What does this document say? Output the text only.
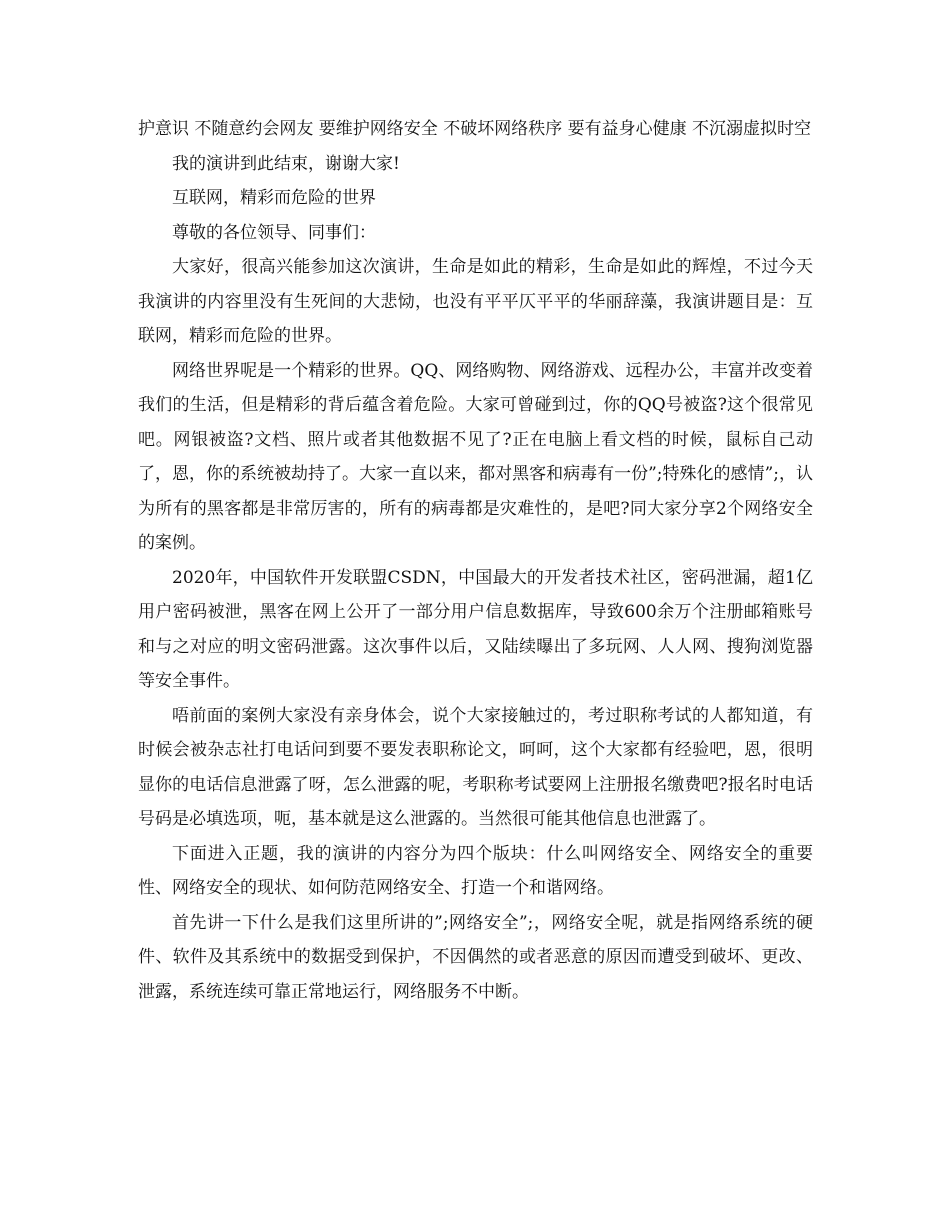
护意识 不随意约会网友 要维护网络安全 不破坏网络秩序 要有益身心健康 不沉溺虚拟时空

我的演讲到此结束，谢谢大家!

互联网，精彩而危险的世界

尊敬的各位领导、同事们：

大家好，很高兴能参加这次演讲，生命是如此的精彩，生命是如此的辉煌，不过今天我演讲的内容里没有生死间的大悲恸，也没有平平仄平平的华丽辞藻，我演讲题目是：互联网，精彩而危险的世界。

网络世界呢是一个精彩的世界。QQ、网络购物、网络游戏、远程办公，丰富并改变着我们的生活，但是精彩的背后蕴含着危险。大家可曾碰到过，你的QQ号被盗?这个很常见吧。网银被盗?文档、照片或者其他数据不见了?正在电脑上看文档的时候，鼠标自己动了，恩，你的系统被劫持了。大家一直以来，都对黑客和病毒有一份”;特殊化的感情”;，认为所有的黑客都是非常厉害的，所有的病毒都是灾难性的，是吧?同大家分享2个网络安全的案例。

2020年，中国软件开发联盟CSDN，中国最大的开发者技术社区，密码泄漏，超1亿用户密码被泄，黑客在网上公开了一部分用户信息数据库，导致600余万个注册邮箱账号和与之对应的明文密码泄露。这次事件以后，又陆续曝出了多玩网、人人网、搜狗浏览器等安全事件。

唔前面的案例大家没有亲身体会，说个大家接触过的，考过职称考试的人都知道，有时候会被杂志社打电话问到要不要发表职称论文，呵呵，这个大家都有经验吧，恩，很明显你的电话信息泄露了呀，怎么泄露的呢，考职称考试要网上注册报名缴费吧?报名时电话号码是必填选项，呃，基本就是这么泄露的。当然很可能其他信息也泄露了。

下面进入正题，我的演讲的内容分为四个版块：什么叫网络安全、网络安全的重要性、网络安全的现状、如何防范网络安全、打造一个和谐网络。

首先讲一下什么是我们这里所讲的”;网络安全”;，网络安全呢，就是指网络系统的硬件、软件及其系统中的数据受到保护，不因偶然的或者恶意的原因而遭受到破坏、更改、泄露，系统连续可靠正常地运行，网络服务不中断。
